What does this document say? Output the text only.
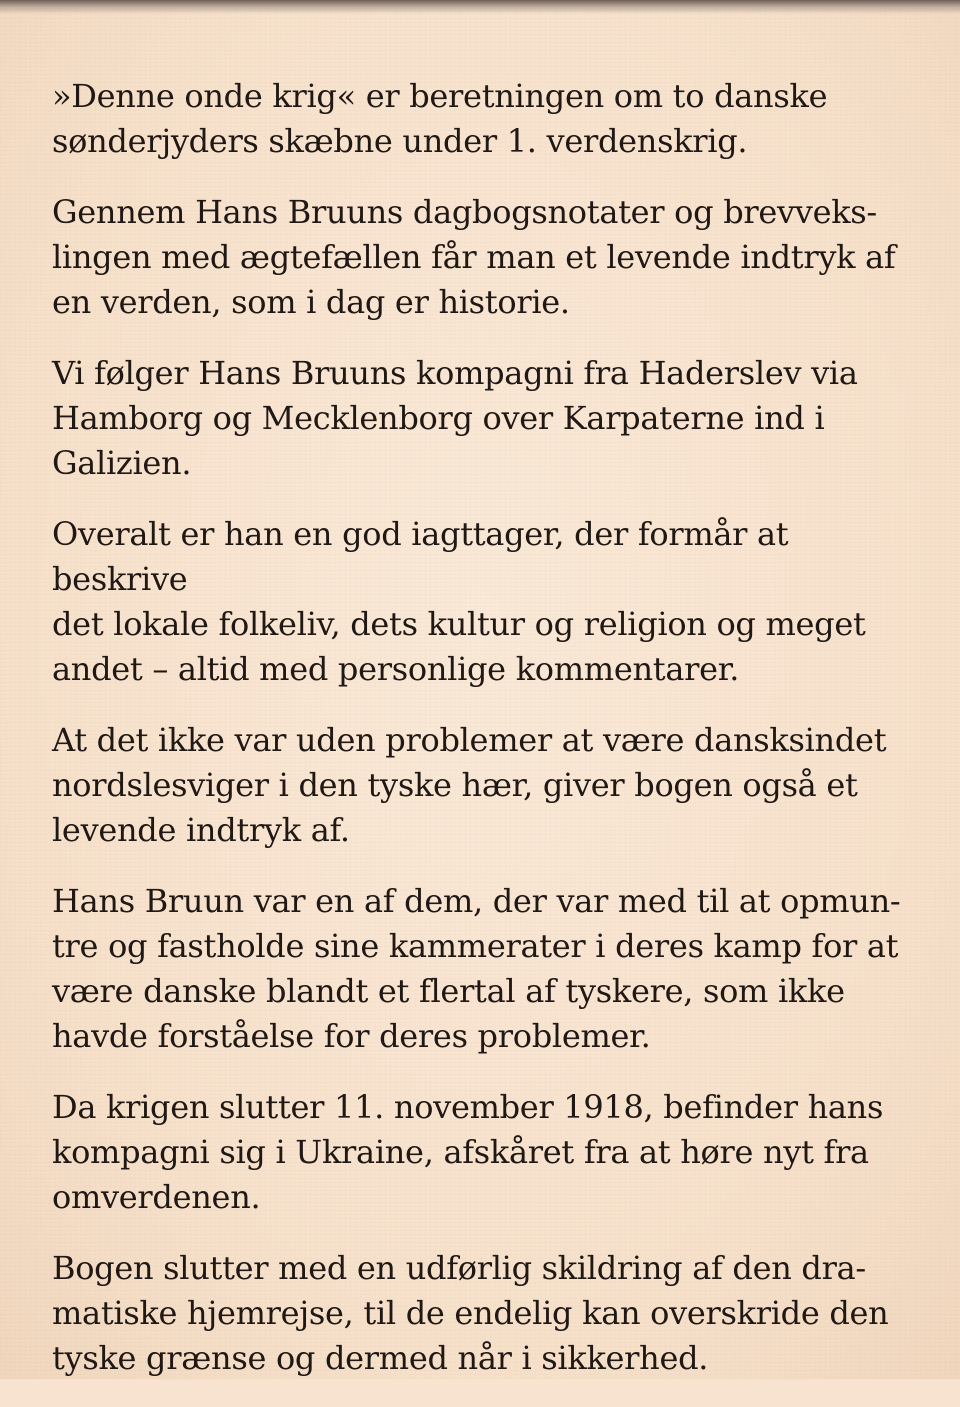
»Denne onde krig« er beretningen om to danske
sønderjyders skæbne under 1. verdenskrig.

Gennem Hans Bruuns dagbogsnotater og brevveks-
lingen med ægtefællen får man et levende indtryk af
en verden, som i dag er historie.

Vi følger Hans Bruuns kompagni fra Haderslev via
Hamborg og Mecklenborg over Karpaterne ind i
Galizien.

Overalt er han en god iagttager, der formår at beskrive
det lokale folkeliv, dets kultur og religion og meget
andet – altid med personlige kommentarer.

At det ikke var uden problemer at være dansksindet
nordslesviger i den tyske hær, giver bogen også et
levende indtryk af.

Hans Bruun var en af dem, der var med til at opmun-
tre og fastholde sine kammerater i deres kamp for at
være danske blandt et flertal af tyskere, som ikke
havde forståelse for deres problemer.

Da krigen slutter 11. november 1918, befinder hans
kompagni sig i Ukraine, afskåret fra at høre nyt fra
omverdenen.

Bogen slutter med en udførlig skildring af den dra-
matiske hjemrejse, til de endelig kan overskride den
tyske grænse og dermed når i sikkerhed.
